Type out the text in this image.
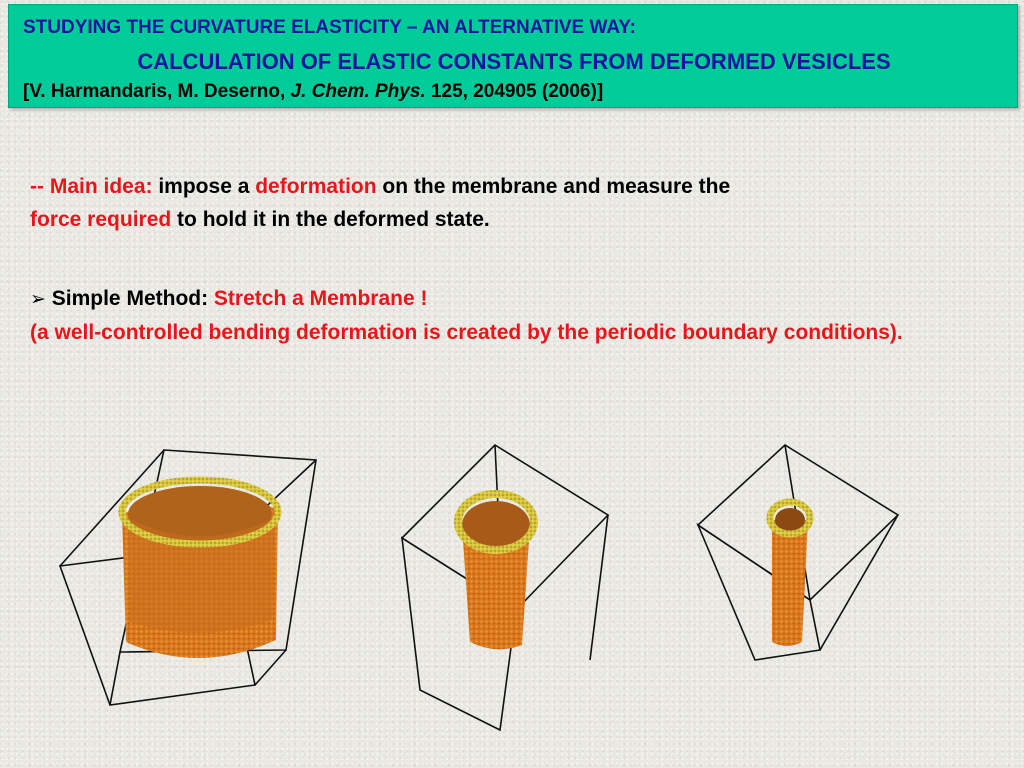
STUDYING THE CURVATURE ELASTICITY – AN ALTERNATIVE WAY:
CALCULATION OF ELASTIC CONSTANTS FROM DEFORMED VESICLES
[V. Harmandaris, M. Deserno, J. Chem. Phys. 125, 204905 (2006)]
-- Main idea: impose a deformation on the membrane and measure the
force required to hold it in the deformed state.
➢ Simple Method: Stretch a Membrane !
(a well-controlled bending deformation is created by the periodic boundary conditions).
